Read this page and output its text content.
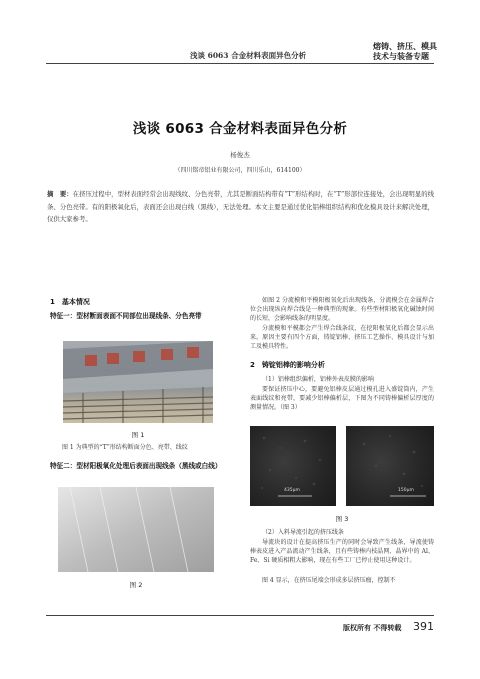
浅谈 6063 合金材料表面异色分析
熔铸、挤压、模具
技术与装备专题
浅谈 6063 合金材料表面异色分析
杨俊杰
（四川铭帝铝业有限公司，四川乐山，614100）
摘　要：在挤压过程中，型材表面经常会出现线纹、分色亮带，尤其是断面结构带有“T”形结构时，在“T”形部位连接处，会出现明显的线条、分色亮带。有的阳极氧化后，表面还会出现白线（黑线），无法处理。本文主要是通过优化铝棒组织结构和优化模具设计来解决处理，仅供大家参考。
1　基本情况
特征一：型材断面表面不同部位出现线条、分色亮带
图 1
图 1 为典型的“T”形结构断面分色、亮带、线纹
特征二：型材阳极氧化处理后表面出现线条（黑线或白线）
图 2
如图 2 分流模和平模阳极氧化后出现线条，分流模会在金属焊合位会出现纵向焊合线是一种典型的现象。有些型材阳极氧化碱蚀时间的长短，会影响线条的明显度。
分流模和平模都会产生焊合线条纹，在挖阳极氧化后都会显示出来。原因主要有四个方面，铸锭铝棒、挤压工艺操作、模具设计与加工及模具特性。
2　铸锭铝棒的影响分析
（1）铝棒组织偏析，铝棒外表皮膜的影响
要保证挤压中心，要避免铝棒皮层通过模孔进入盛锭筒内，产生表面线纹和亮带，要减少铝棒偏析层，下图为不同铸棒偏析层厚度的测量情况。（图 3）
435μm	150μm
图 3
（2）入料导流引起的挤压线条
导流块的设计在提高挤压生产的同时会导致产生线条，导流使铸棒表皮进入产品流动产生线条，且有些铸棒内枝晶网、晶界中的 Al、Fe、Si 硬质相粗大影响，现在有些工厂已停止使用这种设计。
图 4 显示，在挤压尾端会形成多层挤压瘤，控制不
版权所有 不得转载 391
